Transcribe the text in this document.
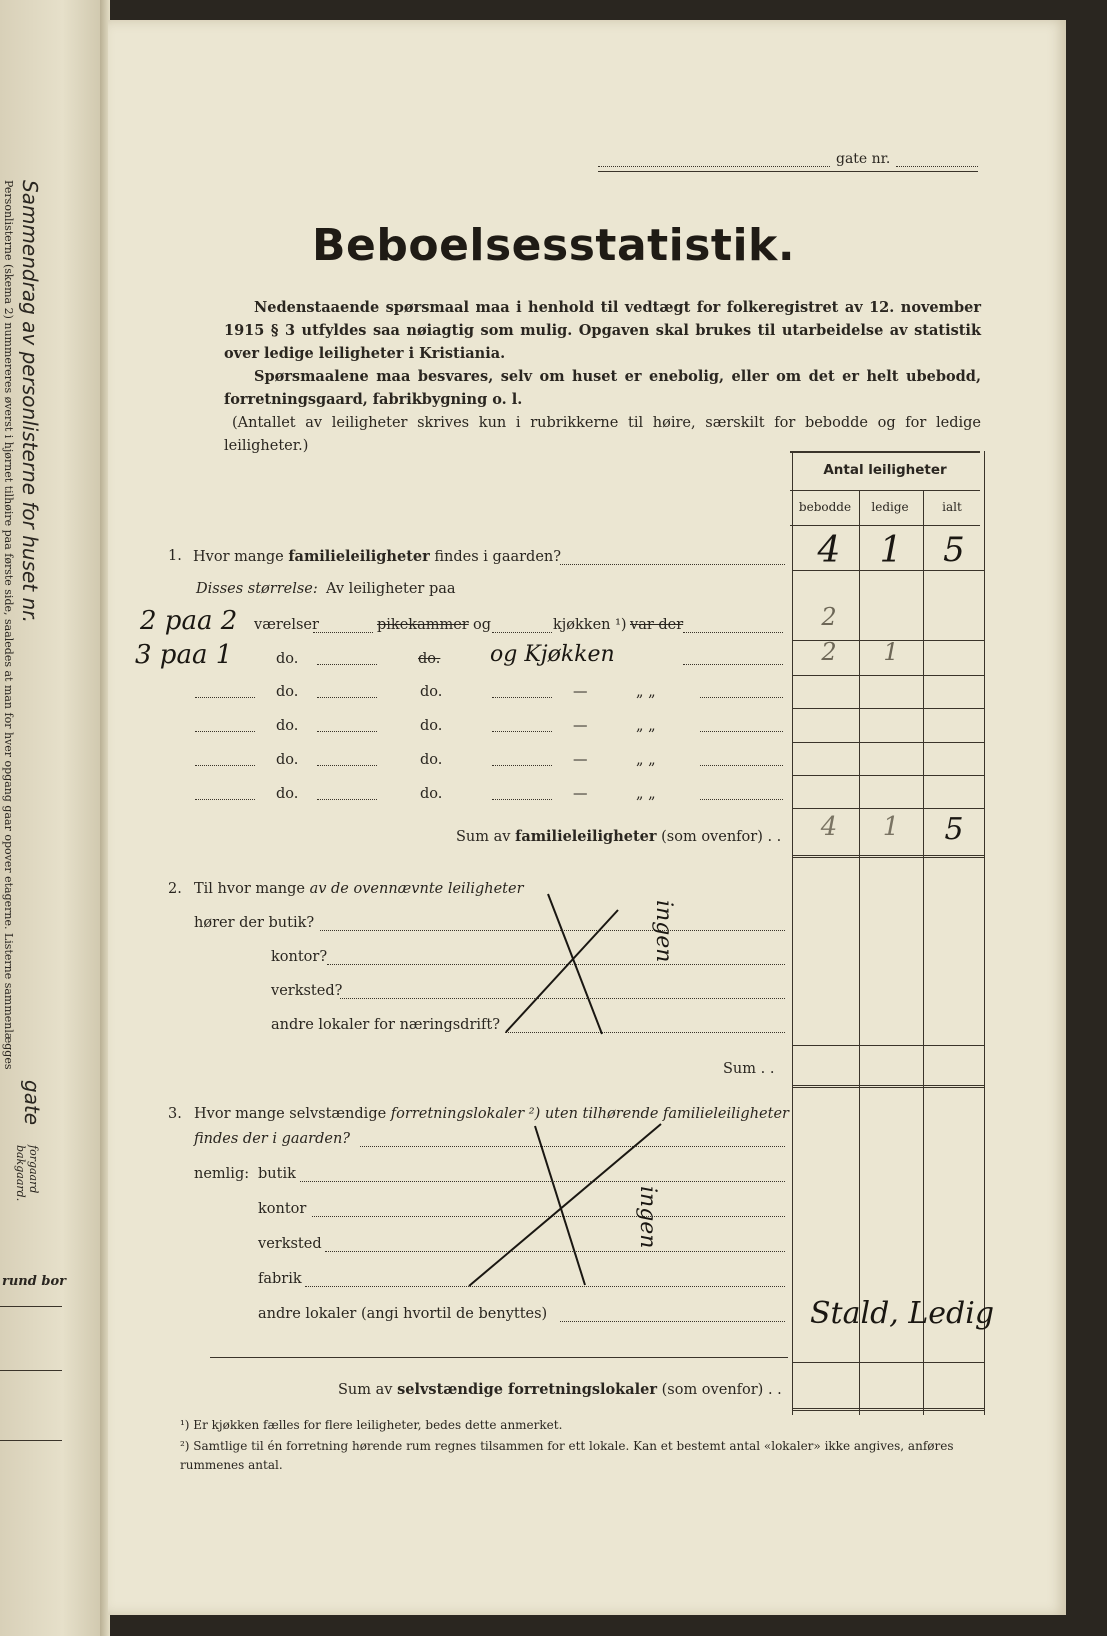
Sammendrag av personlisterne for huset nr.
Personlisterne (skema 2) nummereres øverst i hjørnet tilhøire paa første side, saaledes at man for hver opgang gaar opover etagerne. Listerne sammenlægges
gate
forgaard
bakgaard.
rund bor
gate nr.
Beboelsesstatistik.
Nedenstaaende spørsmaal maa i henhold til vedtægt for folkeregistret av 12. november 1915 § 3 utfyldes saa nøiagtig som mulig. Opgaven skal brukes til utarbeidelse av statistik over ledige leiligheter i Kristiania.
Spørsmaalene maa besvares, selv om huset er enebolig, eller om det er helt ubebodd, forretningsgaard, fabrikbygning o. l.
(Antallet av leiligheter skrives kun i rubrikkerne til høire, særskilt for bebodde og for ledige leiligheter.)
Antal leiligheter
bebodde	ledige	ialt
1. Hvor mange familieleiligheter findes i gaarden?	4	1	5
Disses størrelse: Av leiligheter paa
2 paa 2 værelser	pikekammer og	kjøkken ¹) var der	2
3 paa 1	do.	do. og Kjøkken	2	1
do.	do.	—	„ „
do.	do.	—	„ „
do.	do.	—	„ „
do.	do.	—	„ „
Sum av familieleiligheter (som ovenfor) . .	4	1	5
2. Til hvor mange av de ovennævnte leiligheter
hører der butik?
kontor?
verksted?
andre lokaler for næringsdrift?
Sum . .
ingen
3. Hvor mange selvstændige forretningslokaler ²) uten tilhørende familieleiligheter
findes der i gaarden?
nemlig: butik
kontor
verksted
fabrik
andre lokaler (angi hvortil de benyttes)	Stald, Ledig
ingen
Sum av selvstændige forretningslokaler (som ovenfor) . .
¹) Er kjøkken fælles for flere leiligheter, bedes dette anmerket.
²) Samtlige til én forretning hørende rum regnes tilsammen for ett lokale. Kan et bestemt antal «lokaler» ikke angives, anføres rummenes antal.
